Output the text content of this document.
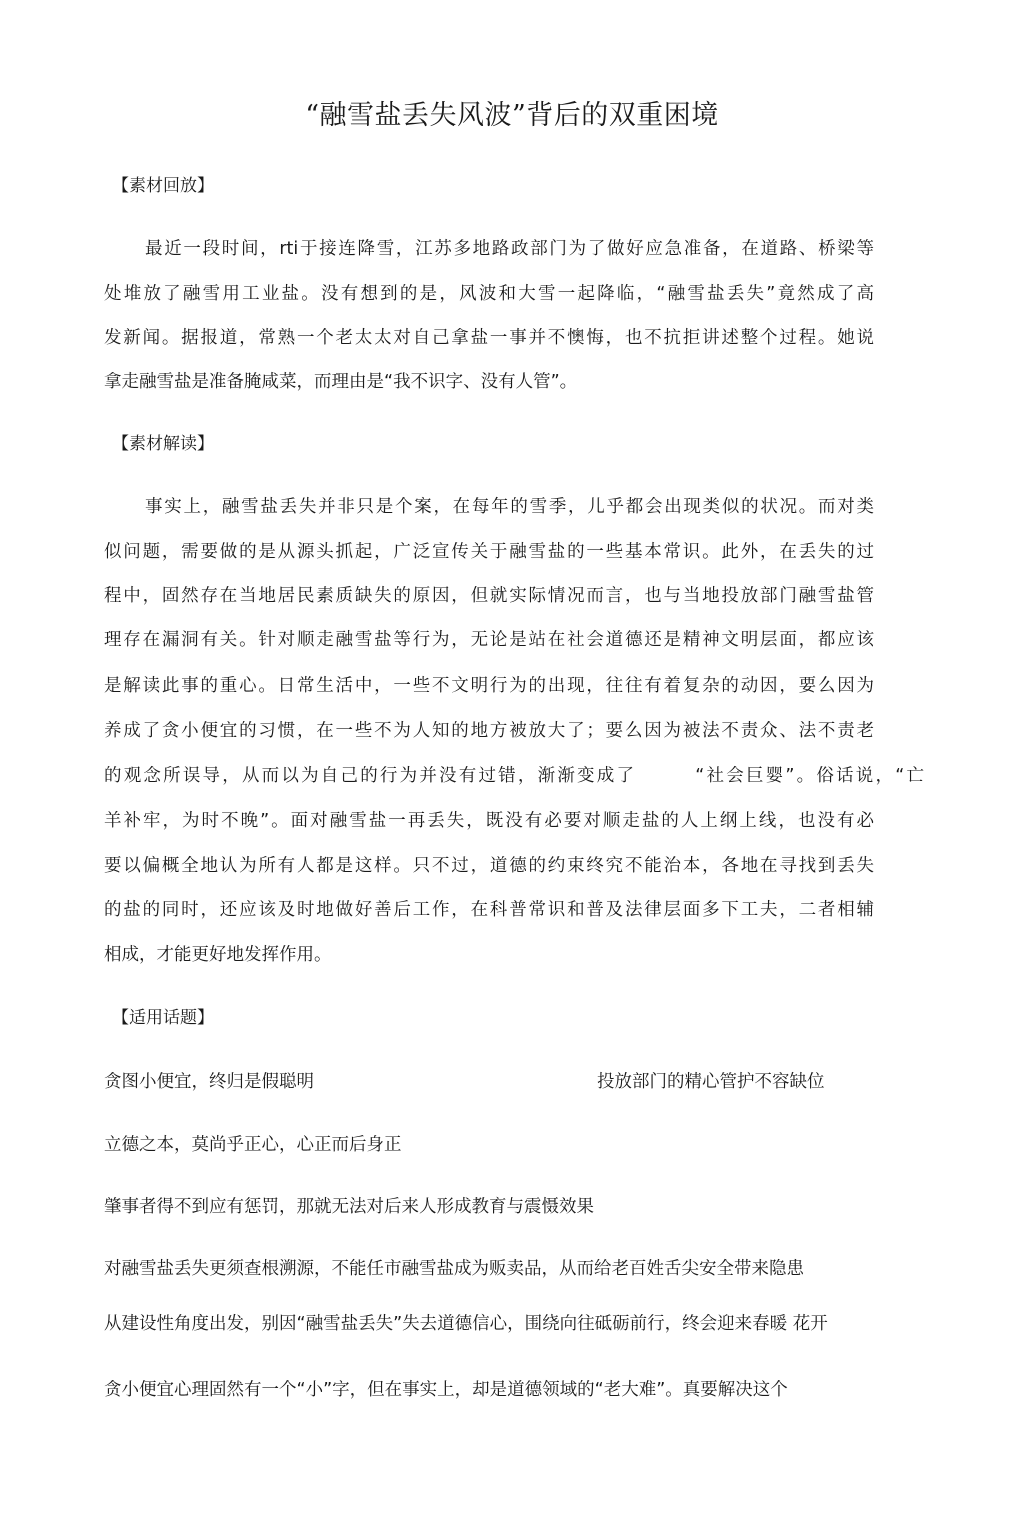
“融雪盐丢失风波”背后的双重困境
【素材回放】
最近一段时间，rti于接连降雪，江苏多地路政部门为了做好应急准备，在道路、桥梁等
处堆放了融雪用工业盐。没有想到的是，风波和大雪一起降临，“融雪盐丢失”竟然成了高
发新闻。据报道，常熟一个老太太对自己拿盐一事并不懊悔，也不抗拒讲述整个过程。她说
拿走融雪盐是准备腌咸菜，而理由是“我不识字、没有人管”。
【素材解读】
事实上，融雪盐丢失并非只是个案，在每年的雪季，儿乎都会出现类似的状况。而对类
似问题，需要做的是从源头抓起，广泛宣传关于融雪盐的一些基本常识。此外，在丢失的过
程中，固然存在当地居民素质缺失的原因，但就实际情况而言，也与当地投放部门融雪盐管
理存在漏洞有关。针对顺走融雪盐等行为，无论是站在社会道德还是精神文明层面，都应该
是解读此事的重心。日常生活中，一些不文明行为的出现，往往有着复杂的动因，要么因为
养成了贪小便宜的习惯，在一些不为人知的地方被放大了；要么因为被法不责众、法不责老
的观念所误导，从而以为自己的行为并没有过错，渐渐变成了　　　“社会巨婴”。俗话说，“亡
羊补牢，为时不晚”。面对融雪盐一再丢失，既没有必要对顺走盐的人上纲上线，也没有必
要以偏概全地认为所有人都是这样。只不过，道德的约束终究不能治本，各地在寻找到丢失
的盐的同时，还应该及时地做好善后工作，在科普常识和普及法律层面多下工夫，二者相辅
相成，才能更好地发挥作用。
【适用话题】
贪图小便宜，终归是假聪明	投放部门的精心管护不容缺位
立德之本，莫尚乎正心，心正而后身正
肇事者得不到应有惩罚，那就无法对后来人形成教育与震慑效果
对融雪盐丢失更须查根溯源，不能任市融雪盐成为贩卖品，从而给老百姓舌尖安全带来隐患
从建设性角度出发，别因“融雪盐丢失”失去道德信心，围绕向往砥砺前行，终会迎来春暖 花开
贪小便宜心理固然有一个“小”字，但在事实上，却是道德领域的“老大难”。真要解决这个
